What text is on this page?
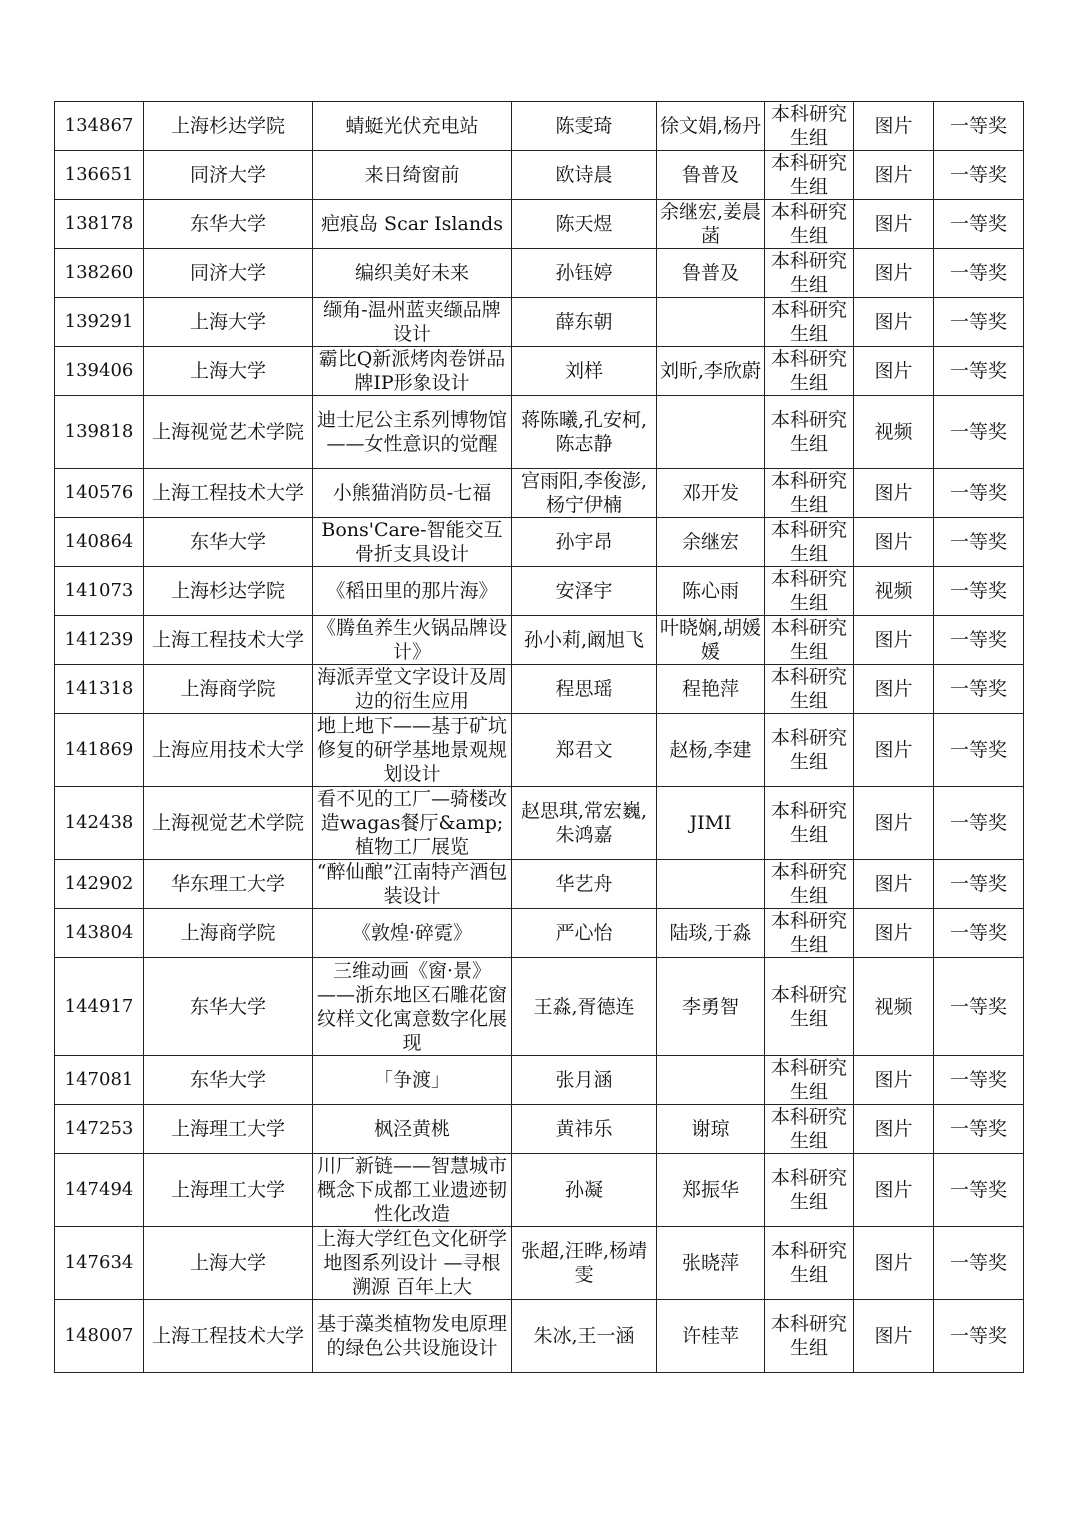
134867	上海杉达学院	蜻蜓光伏充电站	陈雯琦	徐文娟,杨丹	本科研究生组	图片	一等奖
136651	同济大学	来日绮窗前	欧诗晨	鲁普及	本科研究生组	图片	一等奖
138178	东华大学	疤痕岛 Scar Islands	陈天煜	余继宏,姜晨菡	本科研究生组	图片	一等奖
138260	同济大学	编织美好未来	孙钰婷	鲁普及	本科研究生组	图片	一等奖
139291	上海大学	缬角-温州蓝夹缬品牌设计	薛东朝		本科研究生组	图片	一等奖
139406	上海大学	霸比Q新派烤肉卷饼品牌IP形象设计	刘样	刘昕,李欣蔚	本科研究生组	图片	一等奖
139818	上海视觉艺术学院	迪士尼公主系列博物馆——女性意识的觉醒	蒋陈曦,孔安柯,陈志静		本科研究生组	视频	一等奖
140576	上海工程技术大学	小熊猫消防员-七福	宫雨阳,李俊澎,杨宁伊楠	邓开发	本科研究生组	图片	一等奖
140864	东华大学	Bons'Care-智能交互骨折支具设计	孙宇昂	余继宏	本科研究生组	图片	一等奖
141073	上海杉达学院	《稻田里的那片海》	安泽宇	陈心雨	本科研究生组	视频	一等奖
141239	上海工程技术大学	《腾鱼养生火锅品牌设计》	孙小莉,阚旭飞	叶晓娴,胡媛媛	本科研究生组	图片	一等奖
141318	上海商学院	海派弄堂文字设计及周边的衍生应用	程思瑶	程艳萍	本科研究生组	图片	一等奖
141869	上海应用技术大学	地上地下——基于矿坑修复的研学基地景观规划设计	郑君文	赵杨,李建	本科研究生组	图片	一等奖
142438	上海视觉艺术学院	看不见的工厂—骑楼改造wagas餐厅&amp;植物工厂展览	赵思琪,常宏巍,朱鸿嘉	JIMI	本科研究生组	图片	一等奖
142902	华东理工大学	“醉仙酿”江南特产酒包装设计	华艺舟		本科研究生组	图片	一等奖
143804	上海商学院	《敦煌·碎霓》	严心怡	陆琰,于淼	本科研究生组	图片	一等奖
144917	东华大学	三维动画《窗·景》——浙东地区石雕花窗纹样文化寓意数字化展现	王淼,胥德连	李勇智	本科研究生组	视频	一等奖
147081	东华大学	「争渡」	张月涵		本科研究生组	图片	一等奖
147253	上海理工大学	枫泾黄桃	黄祎乐	谢琼	本科研究生组	图片	一等奖
147494	上海理工大学	川厂新链——智慧城市概念下成都工业遗迹韧性化改造	孙凝	郑振华	本科研究生组	图片	一等奖
147634	上海大学	上海大学红色文化研学地图系列设计 —寻根溯源 百年上大	张超,汪晔,杨靖雯	张晓萍	本科研究生组	图片	一等奖
148007	上海工程技术大学	基于藻类植物发电原理的绿色公共设施设计	朱冰,王一涵	许桂苹	本科研究生组	图片	一等奖
